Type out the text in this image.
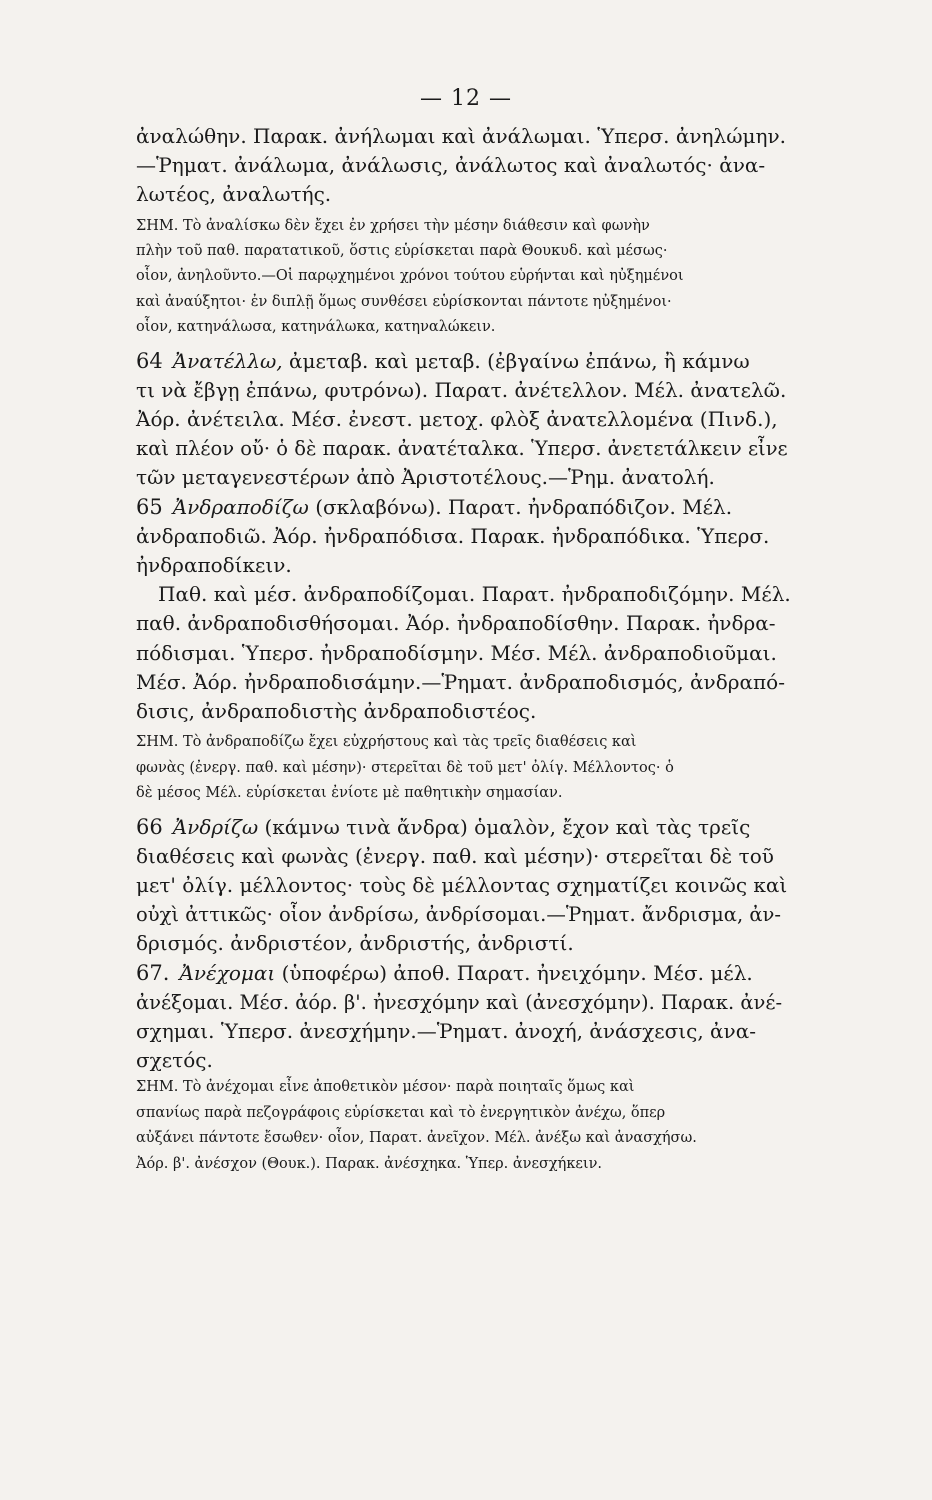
— 12 —
ἀναλώθην. Παρακ. ἀνήλωμαι καὶ ἀνάλωμαι. Ὑπερσ. ἀνηλώμην.
—Ῥηματ. ἀνάλωμα, ἀνάλωσις, ἀνάλωτος καὶ ἀναλωτός· ἀνα-
λωτέος, ἀναλωτής.
ΣΗΜ. Τὸ ἀναλίσκω δὲν ἔχει ἐν χρήσει τὴν μέσην διάθεσιν καὶ φωνὴν
πλὴν τοῦ παθ. παρατατικοῦ, ὅστις εὑρίσκεται παρὰ Θουκυδ. καὶ μέσως·
οἷον, ἀνηλοῦντο.—Οἱ παρῳχημένοι χρόνοι τούτου εὑρήνται καὶ ηὐξημένοι
καὶ ἀναύξητοι· ἐν διπλῇ ὅμως συνθέσει εὑρίσκονται πάντοτε ηὐξημένοι·
οἷον, κατηνάλωσα, κατηνάλωκα, κατηναλώκειν.
64 Ἀνατέλλω, ἀμεταβ. καὶ μεταβ. (ἐβγαίνω ἐπάνω, ἢ κάμνω
τι νὰ ἔβγῃ ἐπάνω, φυτρόνω). Παρατ. ἀνέτελλον. Μέλ. ἀνατελῶ.
Ἀόρ. ἀνέτειλα. Μέσ. ἐνεστ. μετοχ. φλὸξ ἀνατελλομένα (Πινδ.),
καὶ πλέον οὔ· ὁ δὲ παρακ. ἀνατέταλκα. Ὑπερσ. ἀνετετάλκειν εἶνε
τῶν μεταγενεστέρων ἀπὸ Ἀριστοτέλους.—Ῥημ. ἀνατολή.
65 Ἀνδραποδίζω (σκλαβόνω). Παρατ. ἠνδραπόδιζον. Μέλ.
ἀνδραποδιῶ. Ἀόρ. ἠνδραπόδισα. Παρακ. ἠνδραπόδικα. Ὑπερσ.
ἠνδραποδίκειν.
Παθ. καὶ μέσ. ἀνδραποδίζομαι. Παρατ. ἠνδραποδιζόμην. Μέλ.
παθ. ἀνδραποδισθήσομαι. Ἀόρ. ἠνδραποδίσθην. Παρακ. ἠνδρα-
πόδισμαι. Ὑπερσ. ἠνδραποδίσμην. Μέσ. Μέλ. ἀνδραποδιοῦμαι.
Μέσ. Ἀόρ. ἠνδραποδισάμην.—Ῥηματ. ἀνδραποδισμός, ἀνδραπό-
δισις, ἀνδραποδιστὴς ἀνδραποδιστέος.
ΣΗΜ. Τὸ ἀνδραποδίζω ἔχει εὐχρήστους καὶ τὰς τρεῖς διαθέσεις καὶ
φωνὰς (ἐνεργ. παθ. καὶ μέσην)· στερεῖται δὲ τοῦ μετ' ὀλίγ. Μέλλοντος· ὁ
δὲ μέσος Μέλ. εὑρίσκεται ἐνίοτε μὲ παθητικὴν σημασίαν.
66 Ἀνδρίζω (κάμνω τινὰ ἄνδρα) ὁμαλὸν, ἔχον καὶ τὰς τρεῖς
διαθέσεις καὶ φωνὰς (ἐνεργ. παθ. καὶ μέσην)· στερεῖται δὲ τοῦ
μετ' ὀλίγ. μέλλοντος· τοὺς δὲ μέλλοντας σχηματίζει κοινῶς καὶ
οὐχὶ ἀττικῶς· οἷον ἀνδρίσω, ἀνδρίσομαι.—Ῥηματ. ἄνδρισμα, ἀν-
δρισμός. ἀνδριστέον, ἀνδριστής, ἀνδριστί.
67. Ἀνέχομαι (ὑποφέρω) ἀποθ. Παρατ. ἠνειχόμην. Μέσ. μέλ.
ἀνέξομαι. Μέσ. ἀόρ. β'. ἠνεσχόμην καὶ (ἀνεσχόμην). Παρακ. ἀνέ-
σχημαι. Ὑπερσ. ἀνεσχήμην.—Ῥηματ. ἀνοχή, ἀνάσχεσις, ἀνα-
σχετός.
ΣΗΜ. Τὸ ἀνέχομαι εἶνε ἀποθετικὸν μέσον· παρὰ ποιηταῖς ὅμως καὶ
σπανίως παρὰ πεζογράφοις εὑρίσκεται καὶ τὸ ἐνεργητικὸν ἀνέχω, ὅπερ
αὐξάνει πάντοτε ἔσωθεν· οἷον, Παρατ. ἀνεῖχον. Μέλ. ἀνέξω καὶ ἀνασχήσω.
Ἀόρ. β'. ἀνέσχον (Θουκ.). Παρακ. ἀνέσχηκα. Ὑπερ. ἀνεσχήκειν.
